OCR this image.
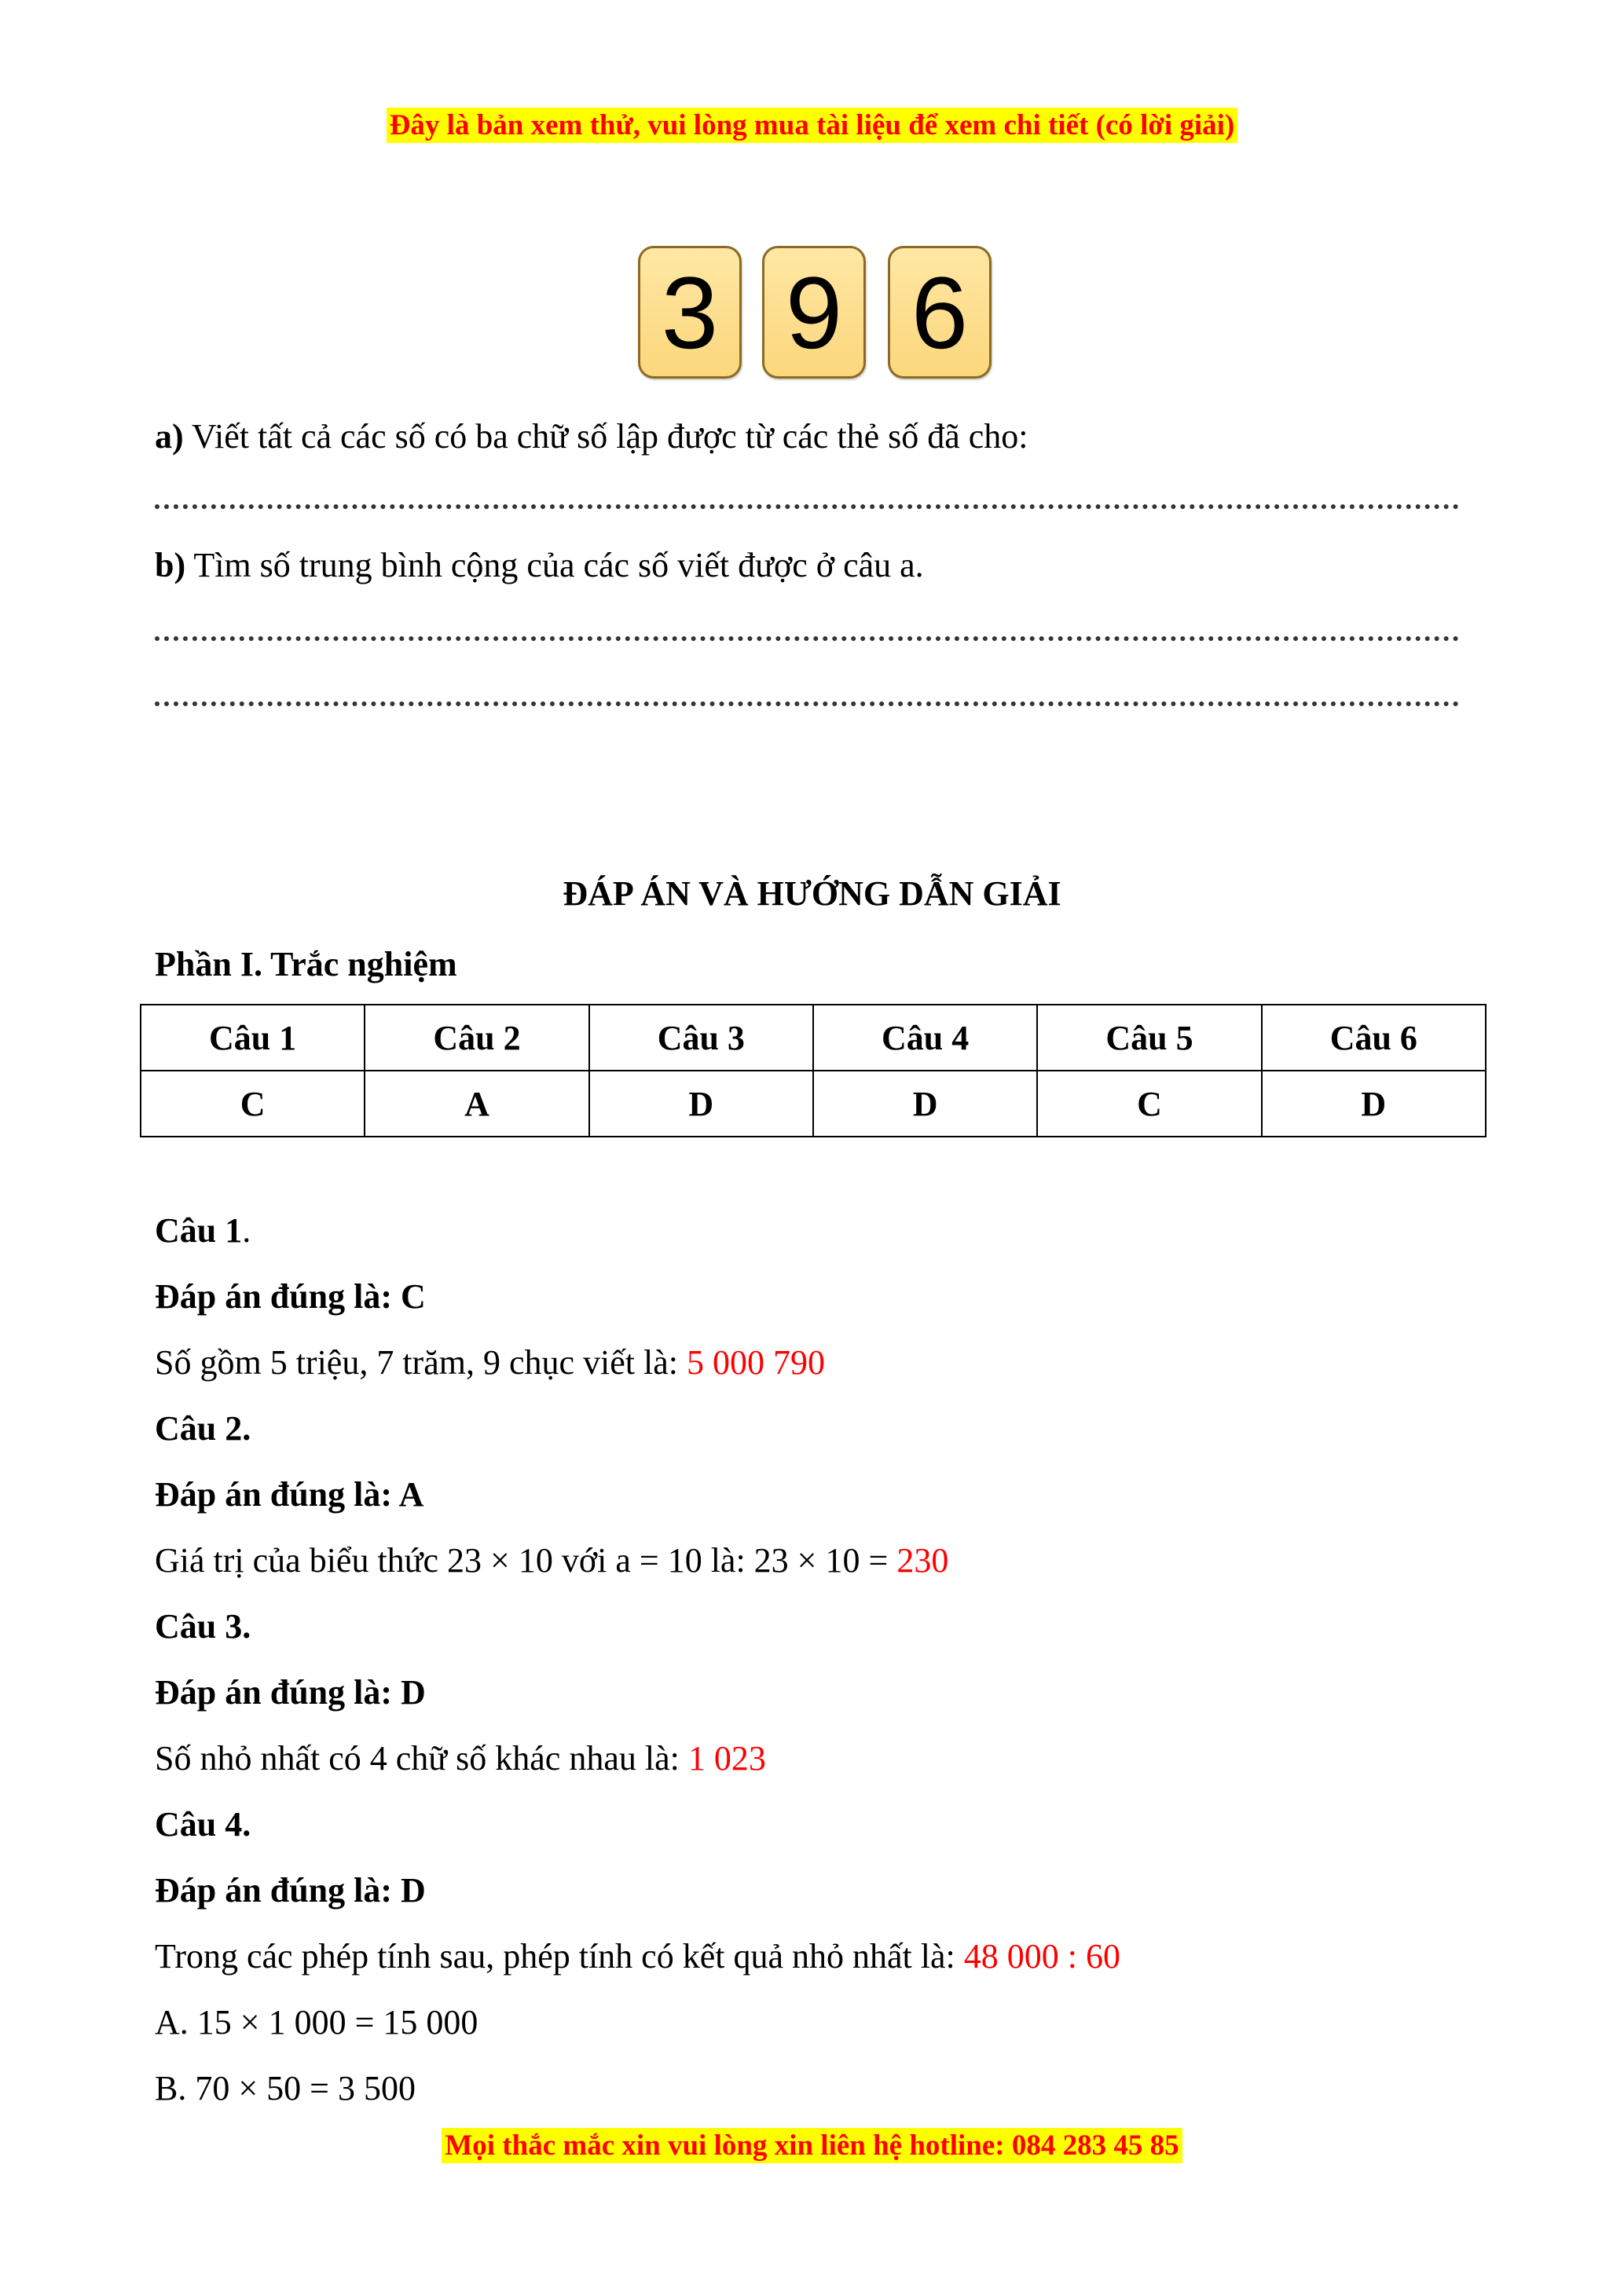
Đây là bản xem thử, vui lòng mua tài liệu để xem chi tiết (có lời giải)
3 9 6
a) Viết tất cả các số có ba chữ số lập được từ các thẻ số đã cho:
b) Tìm số trung bình cộng của các số viết được ở câu a.
ĐÁP ÁN VÀ HƯỚNG DẪN GIẢI
Phần I. Trắc nghiệm
Câu 1	Câu 2	Câu 3	Câu 4	Câu 5	Câu 6
C	A	D	D	C	D
Câu 1.
Đáp án đúng là: C
Số gồm 5 triệu, 7 trăm, 9 chục viết là: 5 000 790
Câu 2.
Đáp án đúng là: A
Giá trị của biểu thức 23 × 10 với a = 10 là: 23 × 10 = 230
Câu 3.
Đáp án đúng là: D
Số nhỏ nhất có 4 chữ số khác nhau là: 1 023
Câu 4.
Đáp án đúng là: D
Trong các phép tính sau, phép tính có kết quả nhỏ nhất là: 48 000 : 60
A. 15 × 1 000 = 15 000
B. 70 × 50 = 3 500
Mọi thắc mắc xin vui lòng xin liên hệ hotline: 084 283 45 85
